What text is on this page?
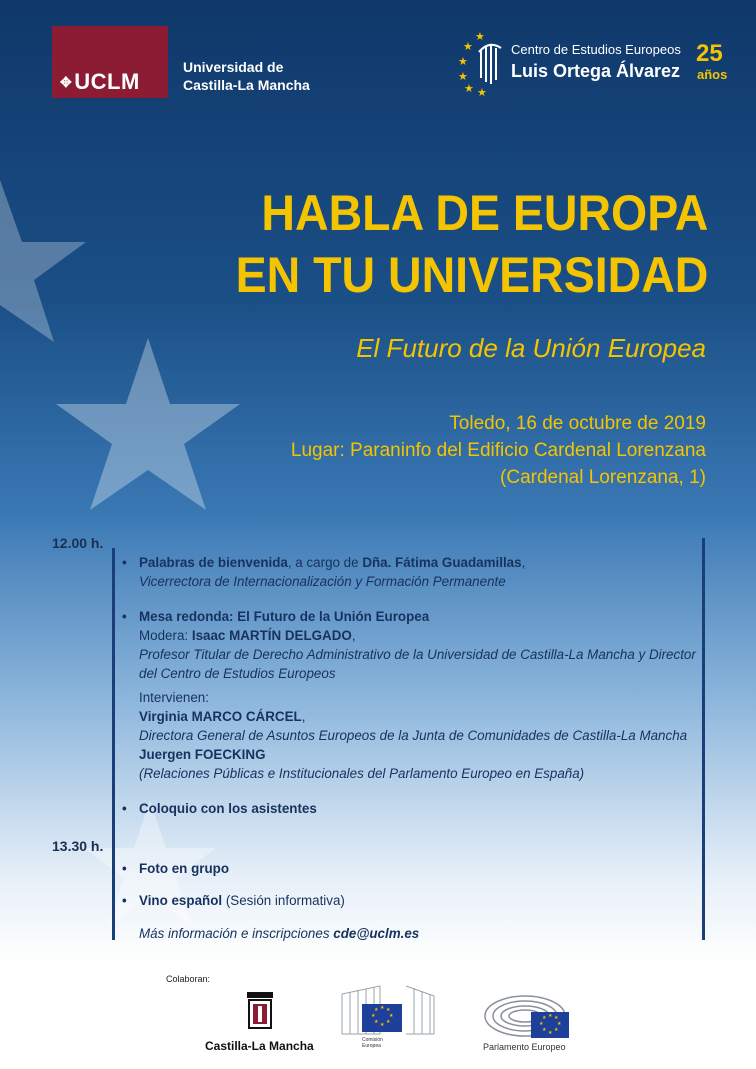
✥UCLM
Universidad de
Castilla-La Mancha
★
★
★
★
★ ★
Centro de Estudios Europeos
Luis Ortega Álvarez
25
años
HABLA DE EUROPA
EN TU UNIVERSIDAD
El Futuro de la Unión Europea
Toledo, 16 de octubre de 2019
Lugar: Paraninfo del Edificio Cardenal Lorenzana
(Cardenal Lorenzana, 1)
12.00 h.
13.30 h.
• Palabras de bienvenida, a cargo de Dña. Fátima Guadamillas,
Vicerrectora de Internacionalización y Formación Permanente
• Mesa redonda: El Futuro de la Unión Europea
Modera: Isaac MARTÍN DELGADO,

Profesor Titular de Derecho Administrativo de la Universidad de Castilla-La Mancha y Director del Centro de Estudios Europeos
Intervienen:
Virginia MARCO CÁRCEL,
Directora General de Asuntos Europeos de la Junta de Comunidades de Castilla-La Mancha
Juergen FOECKING
(Relaciones Públicas e Institucionales del Parlamento Europeo en España)
• Coloquio con los asistentes
• Foto en grupo
• Vino español (Sesión informativa)
Más información e inscripciones cde@uclm.es
Colaboran:
Castilla-La Mancha
★ ★
★
★
★
★
★
★
Comisión
Europea
★ ★
★
★
★
★
★
★
Parlamento Europeo
